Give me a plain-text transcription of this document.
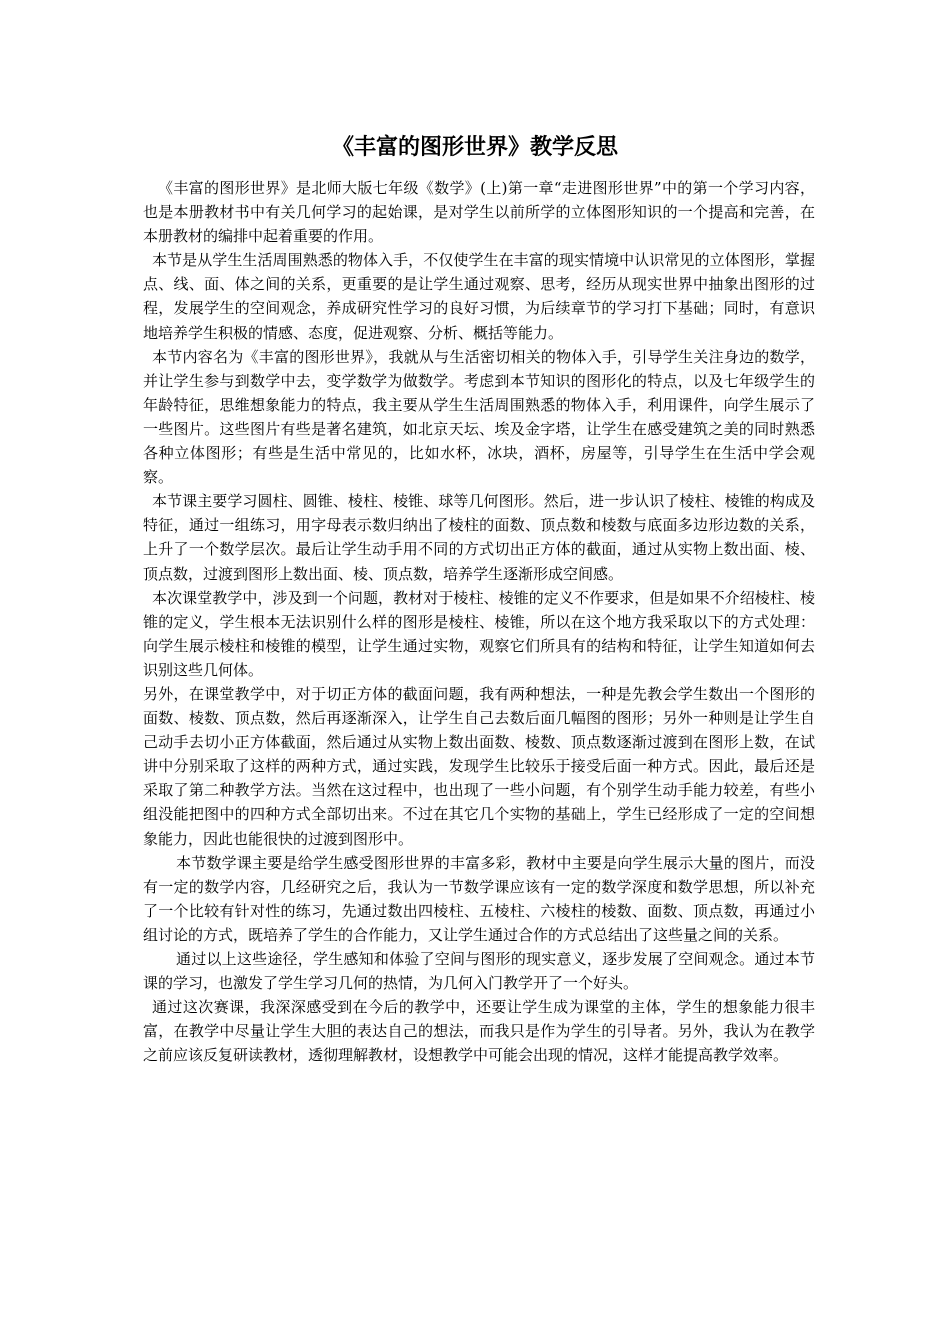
《丰富的图形世界》教学反思

《丰富的图形世界》是北师大版七年级《数学》(上)第一章“走进图形世界”中的第一个学习内容，也是本册教材书中有关几何学习的起始课，是对学生以前所学的立体图形知识的一个提高和完善，在本册教材的编排中起着重要的作用。

本节是从学生生活周围熟悉的物体入手，不仅使学生在丰富的现实情境中认识常见的立体图形，掌握点、线、面、体之间的关系，更重要的是让学生通过观察、思考，经历从现实世界中抽象出图形的过程，发展学生的空间观念，养成研究性学习的良好习惯，为后续章节的学习打下基础；同时，有意识地培养学生积极的情感、态度，促进观察、分析、概括等能力。

本节内容名为《丰富的图形世界》，我就从与生活密切相关的物体入手，引导学生关注身边的数学，并让学生参与到数学中去，变学数学为做数学。考虑到本节知识的图形化的特点，以及七年级学生的年龄特征，思维想象能力的特点，我主要从学生生活周围熟悉的物体入手，利用课件，向学生展示了一些图片。这些图片有些是著名建筑，如北京天坛、埃及金字塔，让学生在感受建筑之美的同时熟悉各种立体图形；有些是生活中常见的，比如水杯，冰块，酒杯，房屋等，引导学生在生活中学会观察。

本节课主要学习圆柱、圆锥、棱柱、棱锥、球等几何图形。然后，进一步认识了棱柱、棱锥的构成及特征，通过一组练习，用字母表示数归纳出了棱柱的面数、顶点数和棱数与底面多边形边数的关系，上升了一个数学层次。最后让学生动手用不同的方式切出正方体的截面，通过从实物上数出面、棱、顶点数，过渡到图形上数出面、棱、顶点数，培养学生逐渐形成空间感。

本次课堂教学中，涉及到一个问题，教材对于棱柱、棱锥的定义不作要求，但是如果不介绍棱柱、棱锥的定义，学生根本无法识别什么样的图形是棱柱、棱锥，所以在这个地方我采取以下的方式处理：向学生展示棱柱和棱锥的模型，让学生通过实物，观察它们所具有的结构和特征，让学生知道如何去识别这些几何体。

另外，在课堂教学中，对于切正方体的截面问题，我有两种想法，一种是先教会学生数出一个图形的面数、棱数、顶点数，然后再逐渐深入，让学生自己去数后面几幅图的图形；另外一种则是让学生自己动手去切小正方体截面，然后通过从实物上数出面数、棱数、顶点数逐渐过渡到在图形上数，在试讲中分别采取了这样的两种方式，通过实践，发现学生比较乐于接受后面一种方式。因此，最后还是采取了第二种教学方法。当然在这过程中，也出现了一些小问题，有个别学生动手能力较差，有些小组没能把图中的四种方式全部切出来。不过在其它几个实物的基础上，学生已经形成了一定的空间想象能力，因此也能很快的过渡到图形中。

本节数学课主要是给学生感受图形世界的丰富多彩，教材中主要是向学生展示大量的图片，而没有一定的数学内容，几经研究之后，我认为一节数学课应该有一定的数学深度和数学思想，所以补充了一个比较有针对性的练习，先通过数出四棱柱、五棱柱、六棱柱的棱数、面数、顶点数，再通过小组讨论的方式，既培养了学生的合作能力，又让学生通过合作的方式总结出了这些量之间的关系。

通过以上这些途径，学生感知和体验了空间与图形的现实意义，逐步发展了空间观念。通过本节课的学习，也激发了学生学习几何的热情，为几何入门教学开了一个好头。

通过这次赛课，我深深感受到在今后的教学中，还要让学生成为课堂的主体，学生的想象能力很丰富，在教学中尽量让学生大胆的表达自己的想法，而我只是作为学生的引导者。另外，我认为在教学之前应该反复研读教材，透彻理解教材，设想教学中可能会出现的情况，这样才能提高教学效率。
